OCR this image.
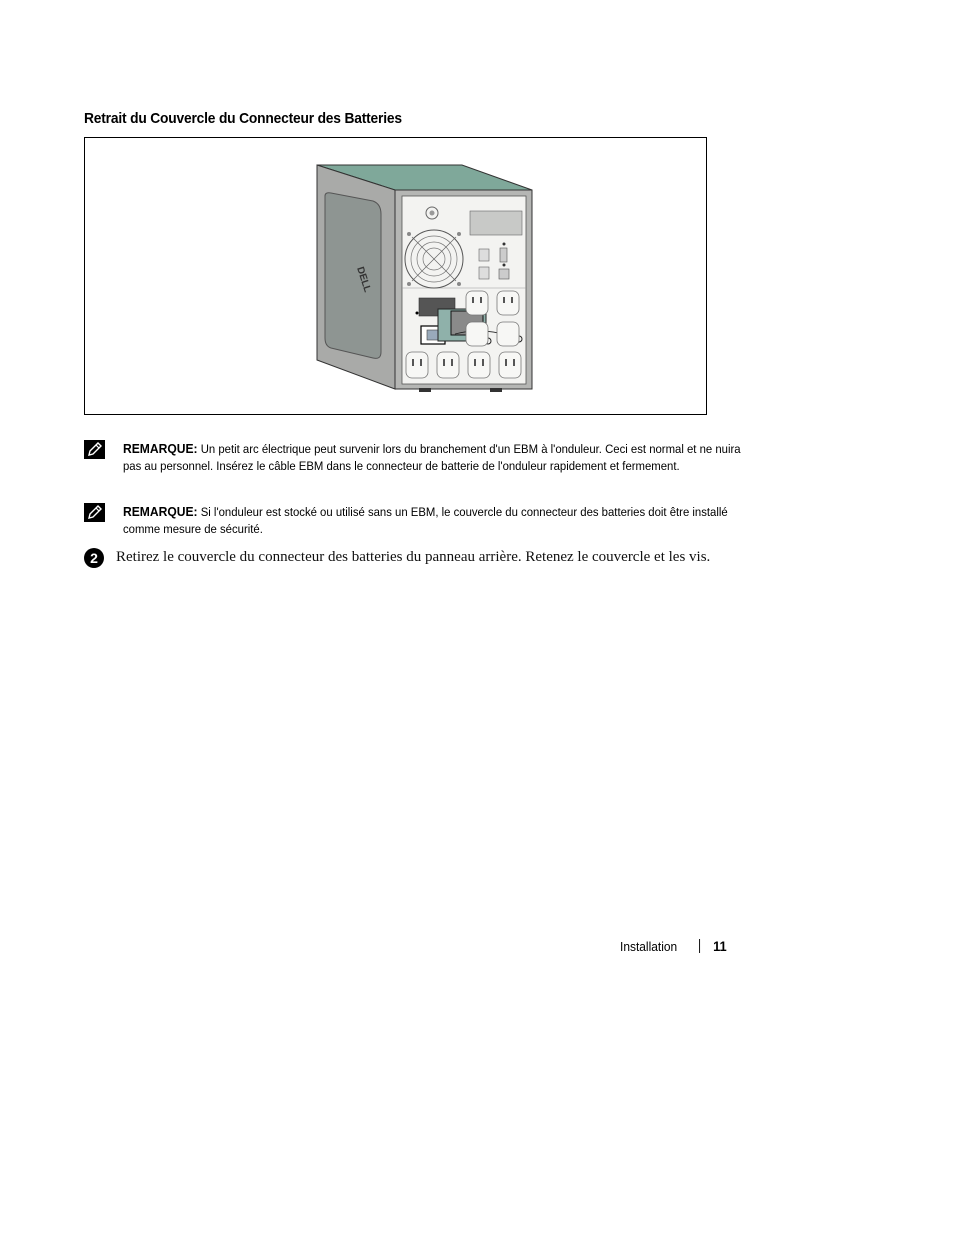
Retrait du Couvercle du Connecteur des Batteries
DELL
REMARQUE: Un petit arc électrique peut survenir lors du branchement d'un EBM à l'onduleur. Ceci est normal et ne nuira pas au personnel. Insérez le câble EBM dans le connecteur de batterie de l'onduleur rapidement et fermement.
REMARQUE: Si l'onduleur est stocké ou utilisé sans un EBM, le couvercle du connecteur des batteries doit être installé comme mesure de sécurité.
2	Retirez le couvercle du connecteur des batteries du panneau arrière. Retenez le couvercle et les vis.
Installation	11
